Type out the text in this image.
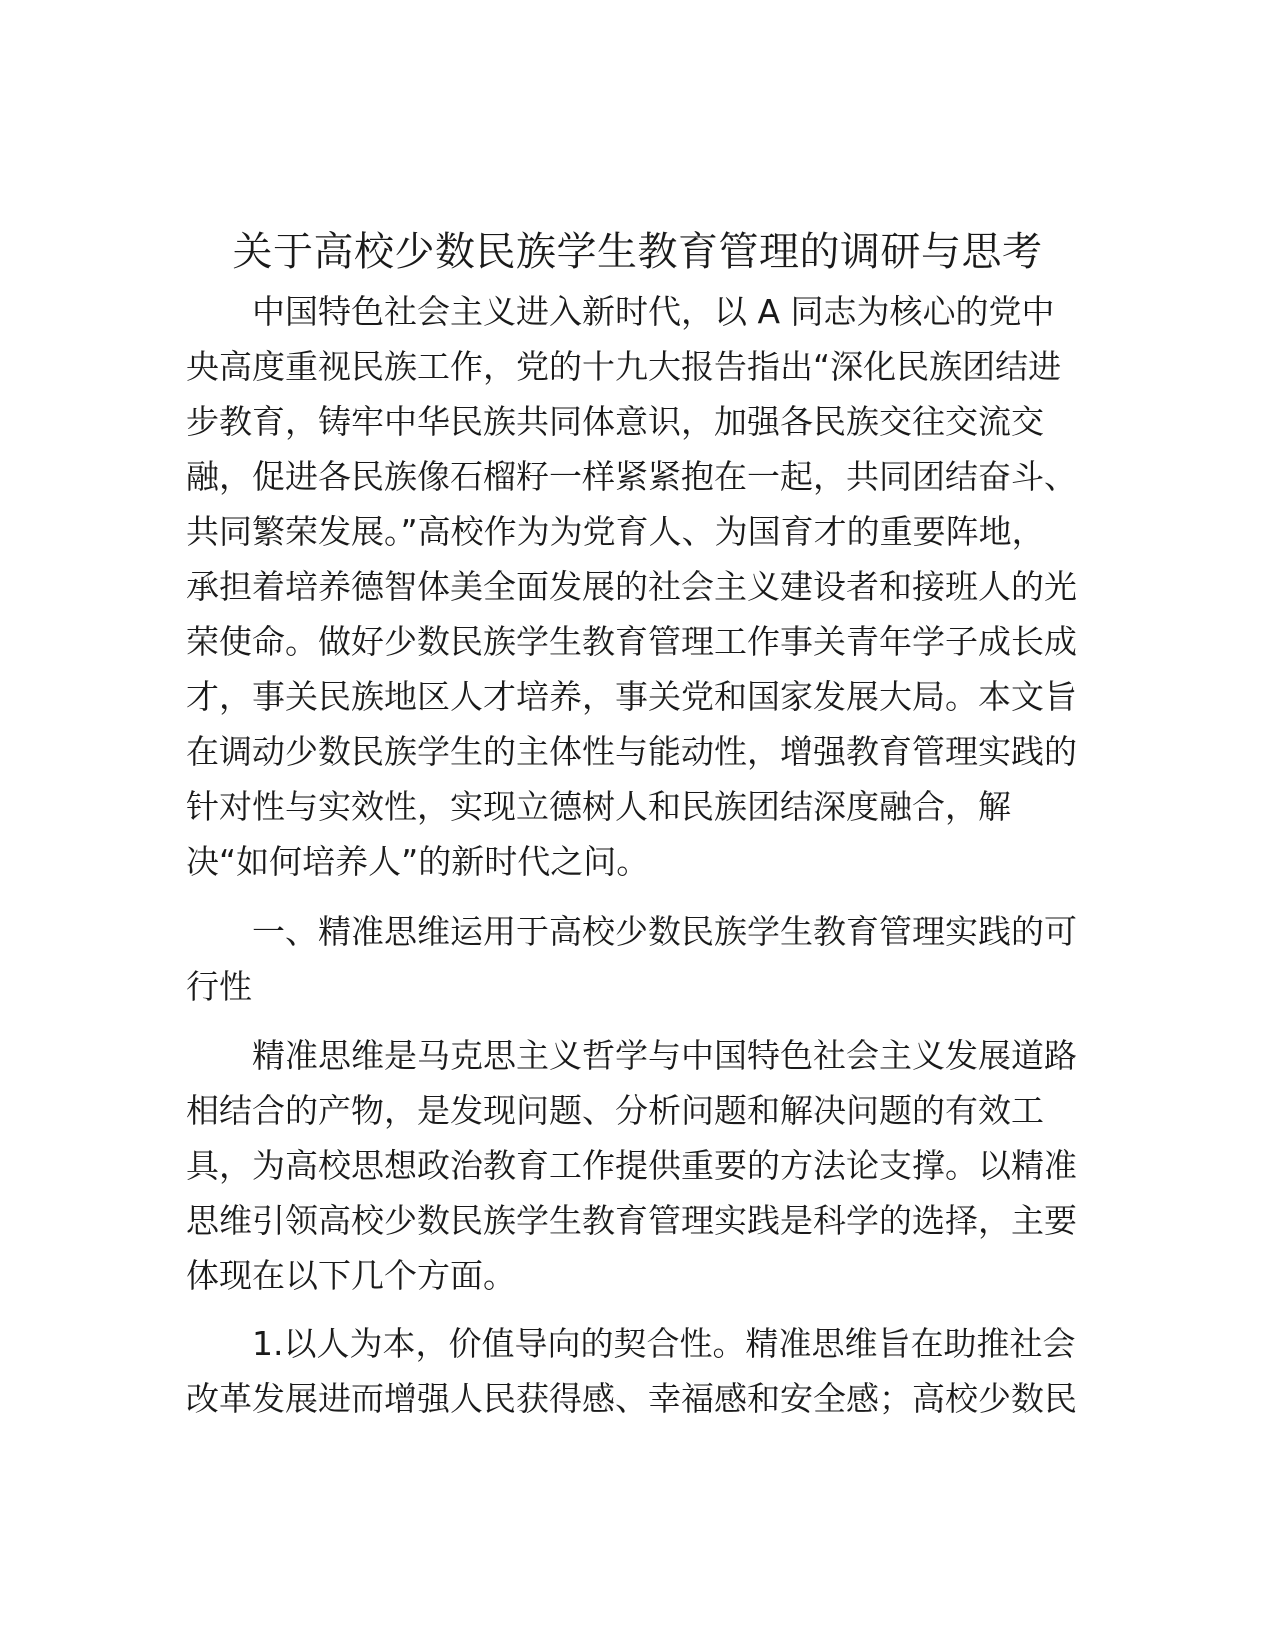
关于高校少数民族学生教育管理的调研与思考
　　中国特色社会主义进入新时代，以 A 同志为核心的党中
央高度重视民族工作，党的十九大报告指出“深化民族团结进
步教育，铸牢中华民族共同体意识，加强各民族交往交流交
融，促进各民族像石榴籽一样紧紧抱在一起，共同团结奋斗、
共同繁荣发展。”高校作为为党育人、为国育才的重要阵地，
承担着培养德智体美全面发展的社会主义建设者和接班人的光
荣使命。做好少数民族学生教育管理工作事关青年学子成长成
才，事关民族地区人才培养，事关党和国家发展大局。本文旨
在调动少数民族学生的主体性与能动性，增强教育管理实践的
针对性与实效性，实现立德树人和民族团结深度融合，解
决“如何培养人”的新时代之问。
　　一、精准思维运用于高校少数民族学生教育管理实践的可
行性
　　精准思维是马克思主义哲学与中国特色社会主义发展道路
相结合的产物，是发现问题、分析问题和解决问题的有效工
具，为高校思想政治教育工作提供重要的方法论支撑。以精准
思维引领高校少数民族学生教育管理实践是科学的选择，主要
体现在以下几个方面。
　　1.以人为本，价值导向的契合性。精准思维旨在助推社会
改革发展进而增强人民获得感、幸福感和安全感；高校少数民
